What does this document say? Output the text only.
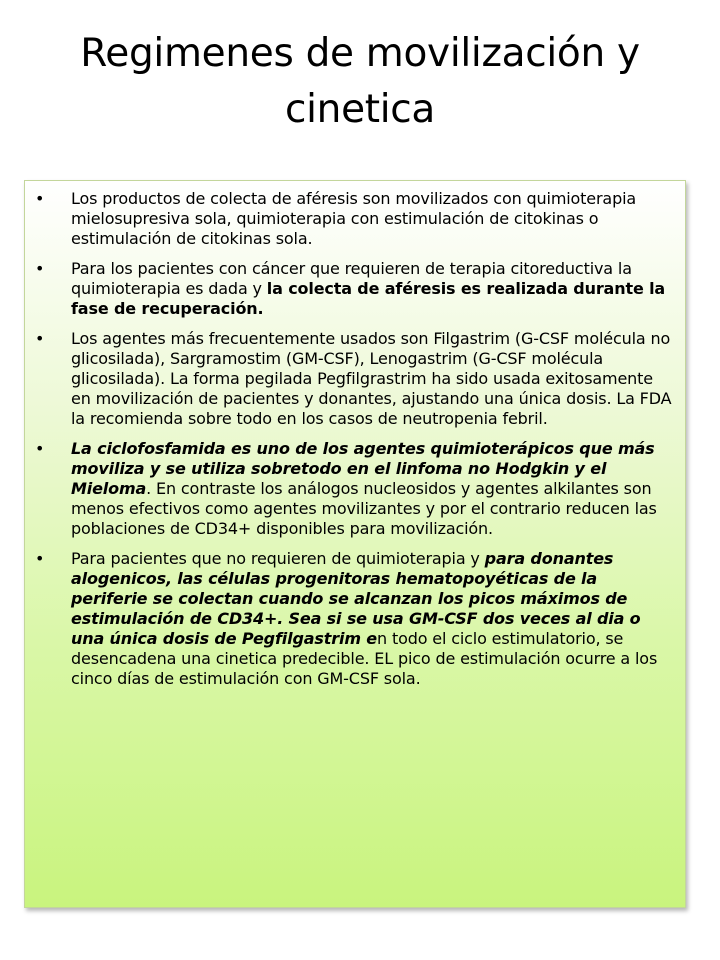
Regimenes de movilización y cinetica
• Los productos de colecta de aféresis son movilizados con quimioterapia mielosupresiva sola, quimioterapia con estimulación de citokinas o estimulación de citokinas sola.
• Para los pacientes con cáncer que requieren de terapia citoreductiva la quimioterapia es dada y la colecta de aféresis es realizada durante la fase de recuperación.
• Los agentes más frecuentemente usados son Filgastrim (G-CSF molécula no glicosilada), Sargramostim (GM-CSF), Lenogastrim (G-CSF molécula glicosilada). La forma pegilada Pegfilgrastrim ha sido usada exitosamente en movilización de pacientes y donantes, ajustando una única dosis. La FDA la recomienda sobre todo en los casos de neutropenia febril.
• La ciclofosfamida es uno de los agentes quimioterápicos que más moviliza y se utiliza sobretodo en el linfoma no Hodgkin y el Mieloma. En contraste los análogos nucleosidos y agentes alkilantes son menos efectivos como agentes movilizantes y por el contrario reducen las poblaciones de CD34+ disponibles para movilización.
• Para pacientes que no requieren de quimioterapia y para donantes alogenicos, las células progenitoras hematopoyéticas de la periferie se colectan cuando se alcanzan los picos máximos de estimulación de CD34+. Sea si se usa GM-CSF dos veces al dia o una única dosis de Pegfilgastrim en todo el ciclo estimulatorio, se desencadena una cinetica predecible. EL pico de estimulación ocurre a los cinco días de estimulación con GM-CSF sola.
